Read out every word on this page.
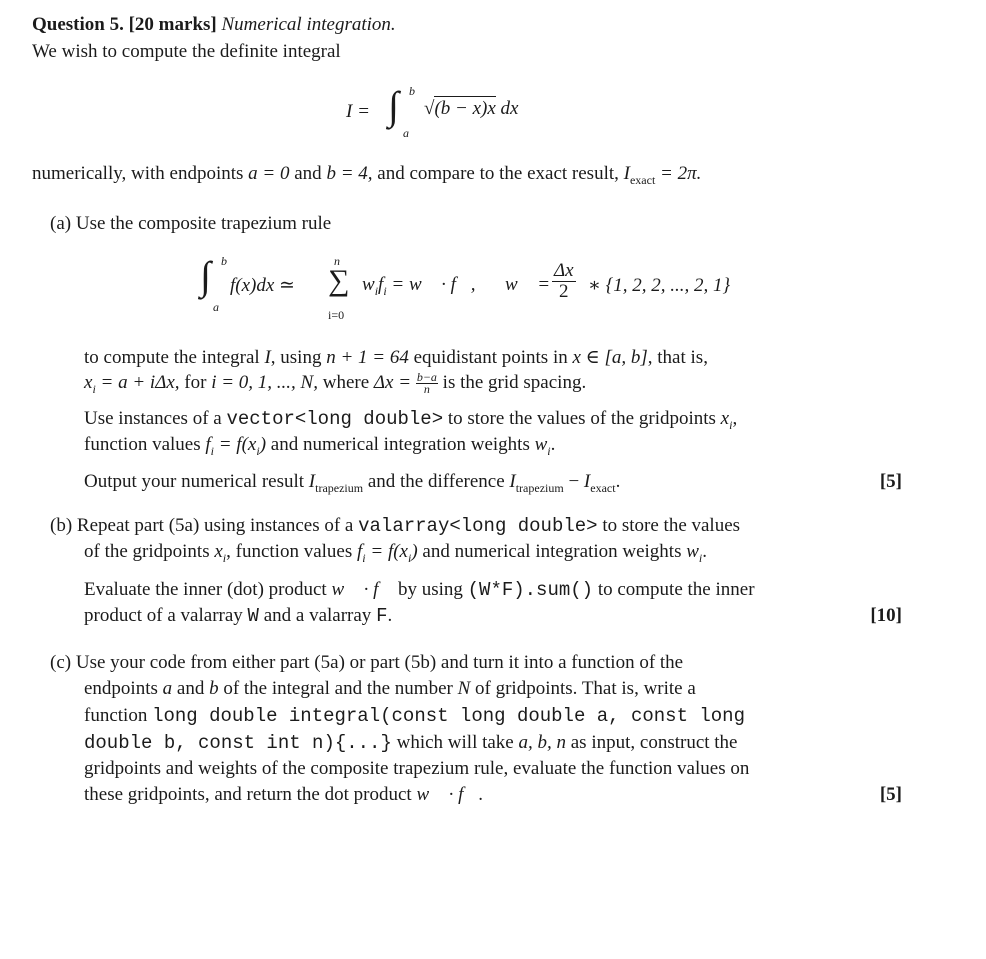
Question 5. [20 marks] Numerical integration.
We wish to compute the definite integral
I = ∫ b
a
√(b − x)x dx
numerically, with endpoints a = 0 and b = 4, and compare to the exact result, $I_{exact} = 2\pi$.
(a) Use the composite trapezium rule
∫ b
a
f(x)dx ≃
n
∑
i=0
$w_if_i$ = w⃗ · f⃗, w⃗ = $\frac{\Delta x}{2}$ ∗ {1, 2, 2, ..., 2, 1}
to compute the integral I, using n + 1 = 64 equidistant points in x ∈ [a, b], that is,
$x_i = a + i\Delta x$, for i = 0, 1, ..., N, where $\Delta x = \frac{b-a}{n}$ is the grid spacing.
Use instances of a vector<long double> to store the values of the gridpoints $x_i$,
function values $f_i = f(x_i)$ and numerical integration weights $w_i$.
Output your numerical result $I_{trapezium}$ and the difference $I_{trapezium} - I_{exact}$.	[5]
(b) Repeat part (5a) using instances of a valarray<long double> to store the values
of the gridpoints $x_i$, function values $f_i = f(x_i)$ and numerical integration weights $w_i$.
Evaluate the inner (dot) product w⃗ · f⃗ by using (W*F).sum() to compute the inner
product of a valarray W and a valarray F.	[10]
(c) Use your code from either part (5a) or part (5b) and turn it into a function of the
endpoints a and b of the integral and the number N of gridpoints. That is, write a
function long double integral(const long double a, const long
double b, const int n){...} which will take a, b, n as input, construct the
gridpoints and weights of the composite trapezium rule, evaluate the function values on
these gridpoints, and return the dot product w⃗ · f⃗.	[5]
